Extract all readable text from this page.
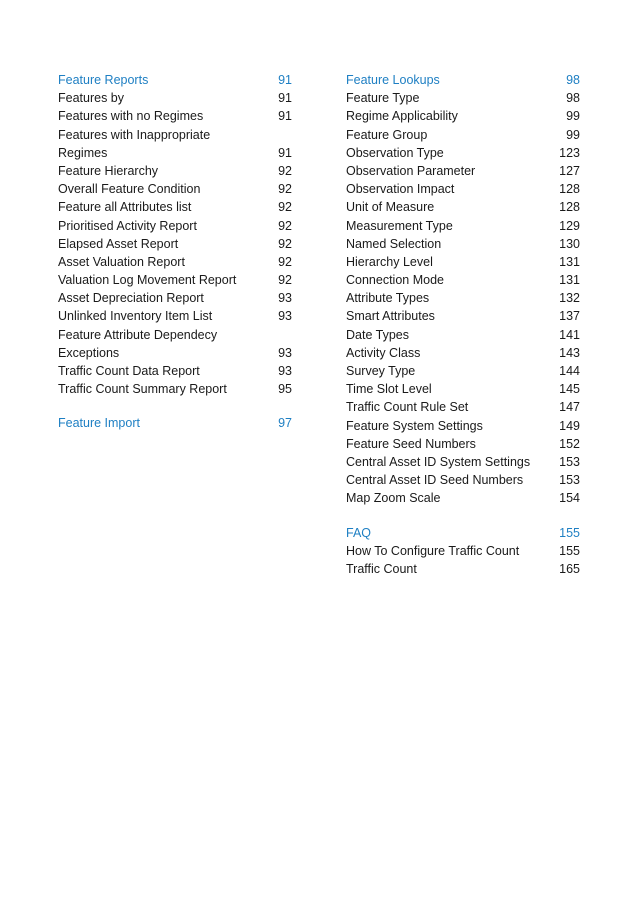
Feature Reports	91
Features by	91
Features with no Regimes	91
Features with Inappropriate
Regimes	91
Feature Hierarchy	92
Overall Feature Condition	92
Feature all Attributes list	92
Prioritised Activity Report	92
Elapsed Asset Report	92
Asset Valuation Report	92
Valuation Log Movement Report	92
Asset Depreciation Report	93
Unlinked Inventory Item List	93
Feature Attribute Dependecy
Exceptions	93
Traffic Count Data Report	93
Traffic Count Summary Report	95
Feature Import	97
Feature Lookups	98
Feature Type	98
Regime Applicability	99
Feature Group	99
Observation Type	123
Observation Parameter	127
Observation Impact	128
Unit of Measure	128
Measurement Type	129
Named Selection	130
Hierarchy Level	131
Connection Mode	131
Attribute Types	132
Smart Attributes	137
Date Types	141
Activity Class	143
Survey Type	144
Time Slot Level	145
Traffic Count Rule Set	147
Feature System Settings	149
Feature Seed Numbers	152
Central Asset ID System Settings	153
Central Asset ID Seed Numbers	153
Map Zoom Scale	154
FAQ	155
How To Configure Traffic Count	155
Traffic Count	165
